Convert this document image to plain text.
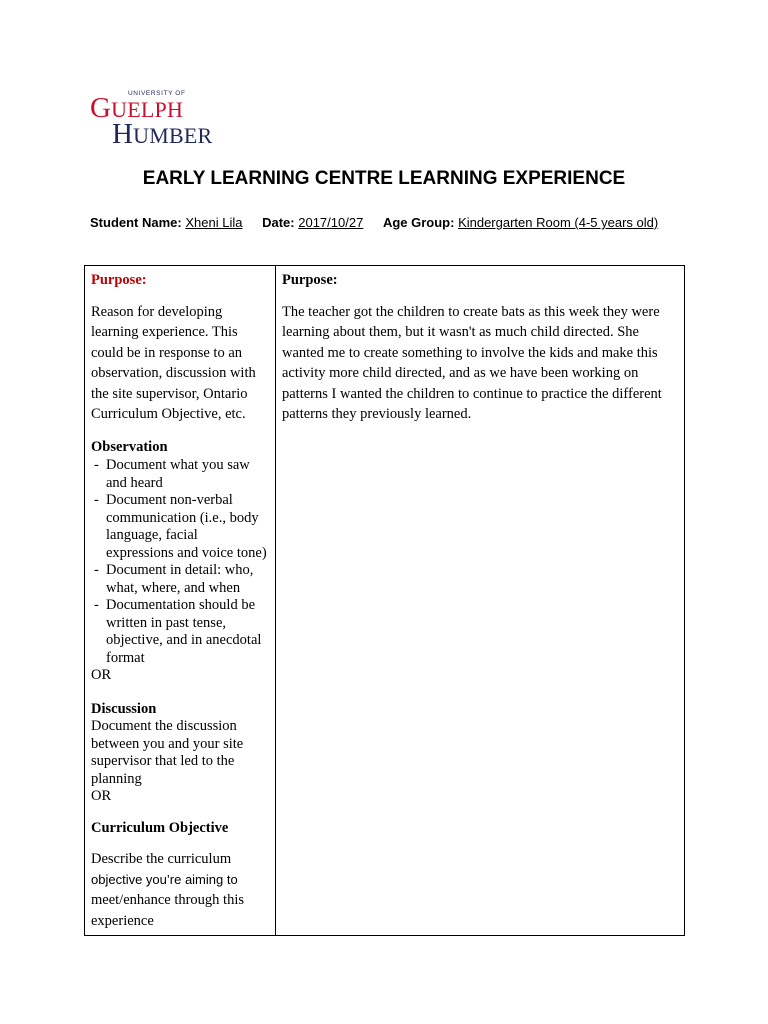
UNIVERSITY OF
GUELPH
HUMBER
EARLY LEARNING CENTRE LEARNING EXPERIENCE
Student Name: Xheni Lila Date: 2017/10/27 Age Group: Kindergarten Room (4-5 years old)

Purpose:

Reason for developing learning experience. This could be in response to an observation, discussion with the site supervisor, Ontario Curriculum Objective, etc.

Observation

- Document what you saw and heard
- Document non-verbal communication (i.e., body language, facial expressions and voice tone)
- Document in detail: who, what, where, and when
- Documentation should be written in past tense, objective, and in anecdotal format
OR
Discussion
Document the discussion between you and your site supervisor that led to the planning
OR

Curriculum Objective

Describe the curriculum
objective you’re aiming to
meet/enhance through this experience

Purpose:

The teacher got the children to create bats as this week they were learning about them, but it wasn't as much child directed. She wanted me to create something to involve the kids and make this activity more child directed, and as we have been working on patterns I wanted the children to continue to practice the different patterns they previously learned.
